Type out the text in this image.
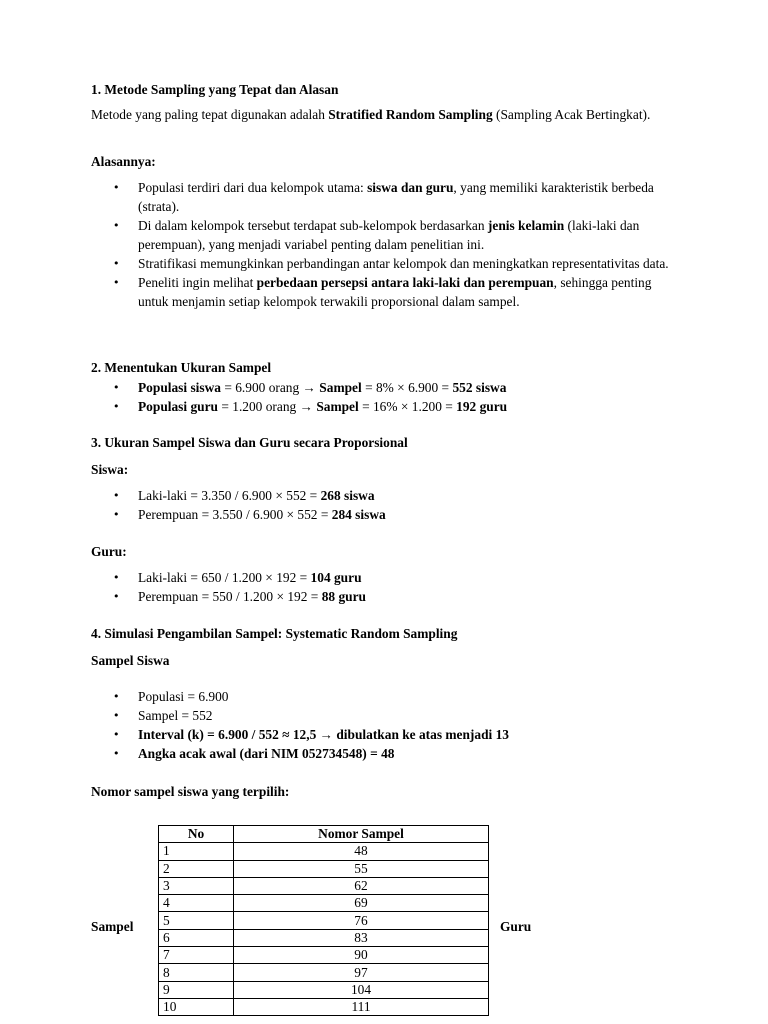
1. Metode Sampling yang Tepat dan Alasan
Metode yang paling tepat digunakan adalah Stratified Random Sampling (Sampling Acak Bertingkat).
Alasannya:
• Populasi terdiri dari dua kelompok utama: siswa dan guru, yang memiliki karakteristik berbeda (strata).
• Di dalam kelompok tersebut terdapat sub-kelompok berdasarkan jenis kelamin (laki-laki dan perempuan), yang menjadi variabel penting dalam penelitian ini.
• Stratifikasi memungkinkan perbandingan antar kelompok dan meningkatkan representativitas data.
• Peneliti ingin melihat perbedaan persepsi antara laki-laki dan perempuan, sehingga penting untuk menjamin setiap kelompok terwakili proporsional dalam sampel.
2. Menentukan Ukuran Sampel
• Populasi siswa = 6.900 orang → Sampel = 8% × 6.900 = 552 siswa
• Populasi guru = 1.200 orang → Sampel = 16% × 1.200 = 192 guru
3. Ukuran Sampel Siswa dan Guru secara Proporsional
Siswa:
• Laki-laki = 3.350 / 6.900 × 552 = 268 siswa
• Perempuan = 3.550 / 6.900 × 552 = 284 siswa
Guru:
• Laki-laki = 650 / 1.200 × 192 = 104 guru
• Perempuan = 550 / 1.200 × 192 = 88 guru
4. Simulasi Pengambilan Sampel: Systematic Random Sampling
Sampel Siswa
• Populasi = 6.900
• Sampel = 552
• Interval (k) = 6.900 / 552 ≈ 12,5 → dibulatkan ke atas menjadi 13
• Angka acak awal (dari NIM 052734548) = 48
Nomor sampel siswa yang terpilih:
Sampel	Guru
No	Nomor Sampel
1	48
2	55
3	62
4	69
5	76
6	83
7	90
8	97
9	104
10	111
